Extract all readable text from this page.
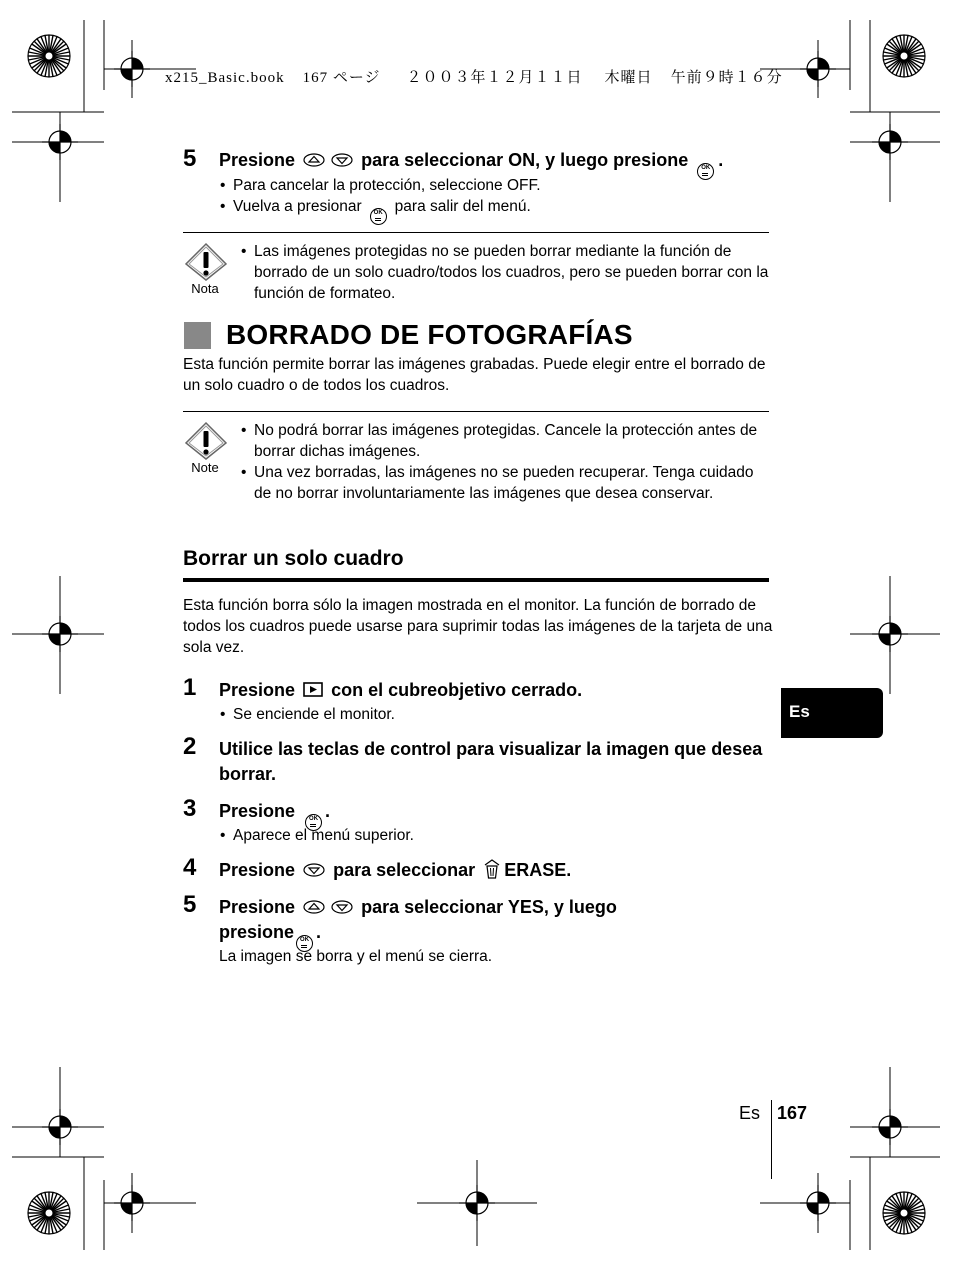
x215_Basic.book 167 ページ ２００３年１２月１１日 木曜日 午前９時１６分
5 Presione	para seleccionar ON, y luego presione OK .
• Para cancelar la protección, seleccione OFF.
• Vuelva a presionar OK para salir del menú.
Nota
• Las imágenes protegidas no se pueden borrar mediante la función de borrado de un solo cuadro/todos los cuadros, pero se pueden borrar con la función de formateo.
BORRADO DE FOTOGRAFÍAS
Esta función permite borrar las imágenes grabadas. Puede elegir entre el borrado de un solo cuadro o de todos los cuadros.
Note
• No podrá borrar las imágenes protegidas. Cancele la protección antes de borrar dichas imágenes.
• Una vez borradas, las imágenes no se pueden recuperar. Tenga cuidado de no borrar involuntariamente las imágenes que desea conservar.
Borrar un solo cuadro
Esta función borra sólo la imagen mostrada en el monitor. La función de borrado de todos los cuadros puede usarse para suprimir todas las imágenes de la tarjeta de una sola vez.
1 Presione con el cubreobjetivo cerrado.
• Se enciende el monitor.
2 Utilice las teclas de control para visualizar la imagen que desea borrar.
3 Presione OK .
• Aparece el menú superior.
4 Presione para seleccionar ERASE.
5 Presione	para seleccionar YES, y luego
presione OK .
La imagen se borra y el menú se cierra.
Es
Es 167
